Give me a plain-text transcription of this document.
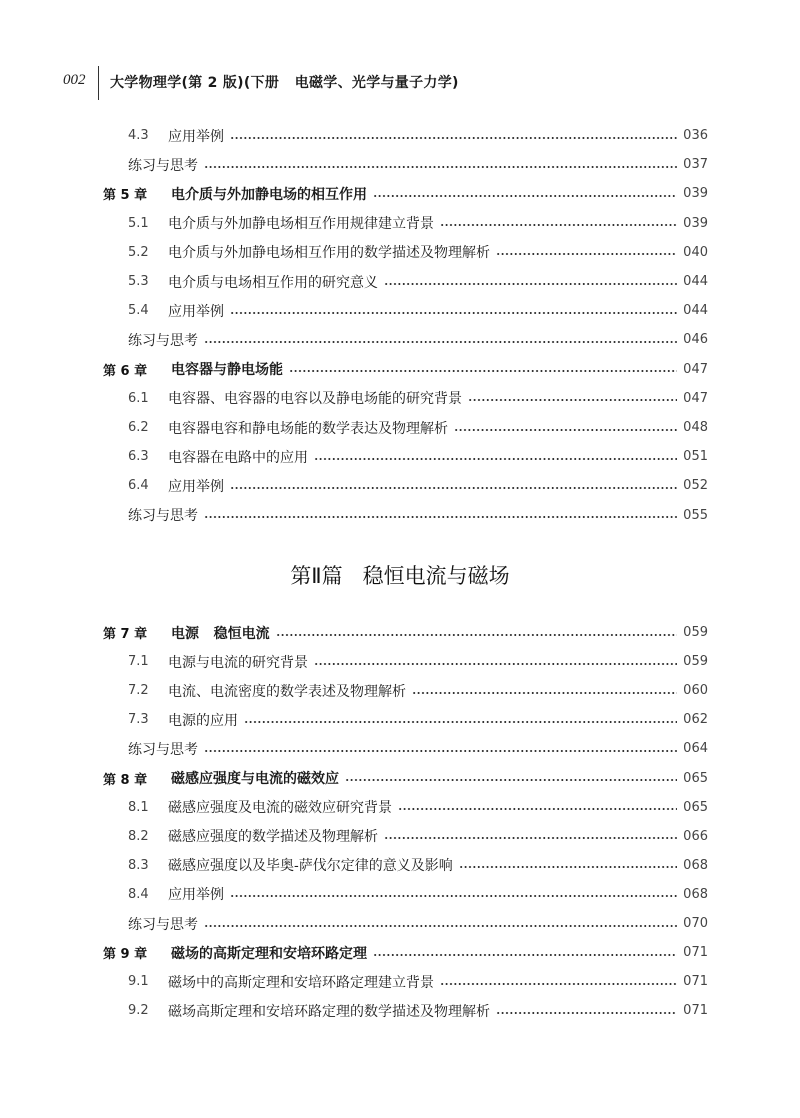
002 大学物理学(第 2 版)(下册   电磁学、光学与量子力学)
4.3	应用举例	036
练习与思考	037
第 5 章	电介质与外加静电场的相互作用	039
5.1	电介质与外加静电场相互作用规律建立背景	039
5.2	电介质与外加静电场相互作用的数学描述及物理解析	040
5.3	电介质与电场相互作用的研究意义	044
5.4	应用举例	044
练习与思考	046
第 6 章	电容器与静电场能	047
6.1	电容器、电容器的电容以及静电场能的研究背景	047
6.2	电容器电容和静电场能的数学表达及物理解析	048
6.3	电容器在电路中的应用	051
6.4	应用举例	052
练习与思考	055
第 7 章	电源   稳恒电流	059
7.1	电源与电流的研究背景	059
7.2	电流、电流密度的数学表述及物理解析	060
7.3	电源的应用	062
练习与思考	064
第 8 章	磁感应强度与电流的磁效应	065
8.1	磁感应强度及电流的磁效应研究背景	065
8.2	磁感应强度的数学描述及物理解析	066
8.3	磁感应强度以及毕奥-萨伐尔定律的意义及影响	068
8.4	应用举例	068
练习与思考	070
第 9 章	磁场的高斯定理和安培环路定理	071
9.1	磁场中的高斯定理和安培环路定理建立背景	071
9.2	磁场高斯定理和安培环路定理的数学描述及物理解析	071
第Ⅱ篇   稳恒电流与磁场
